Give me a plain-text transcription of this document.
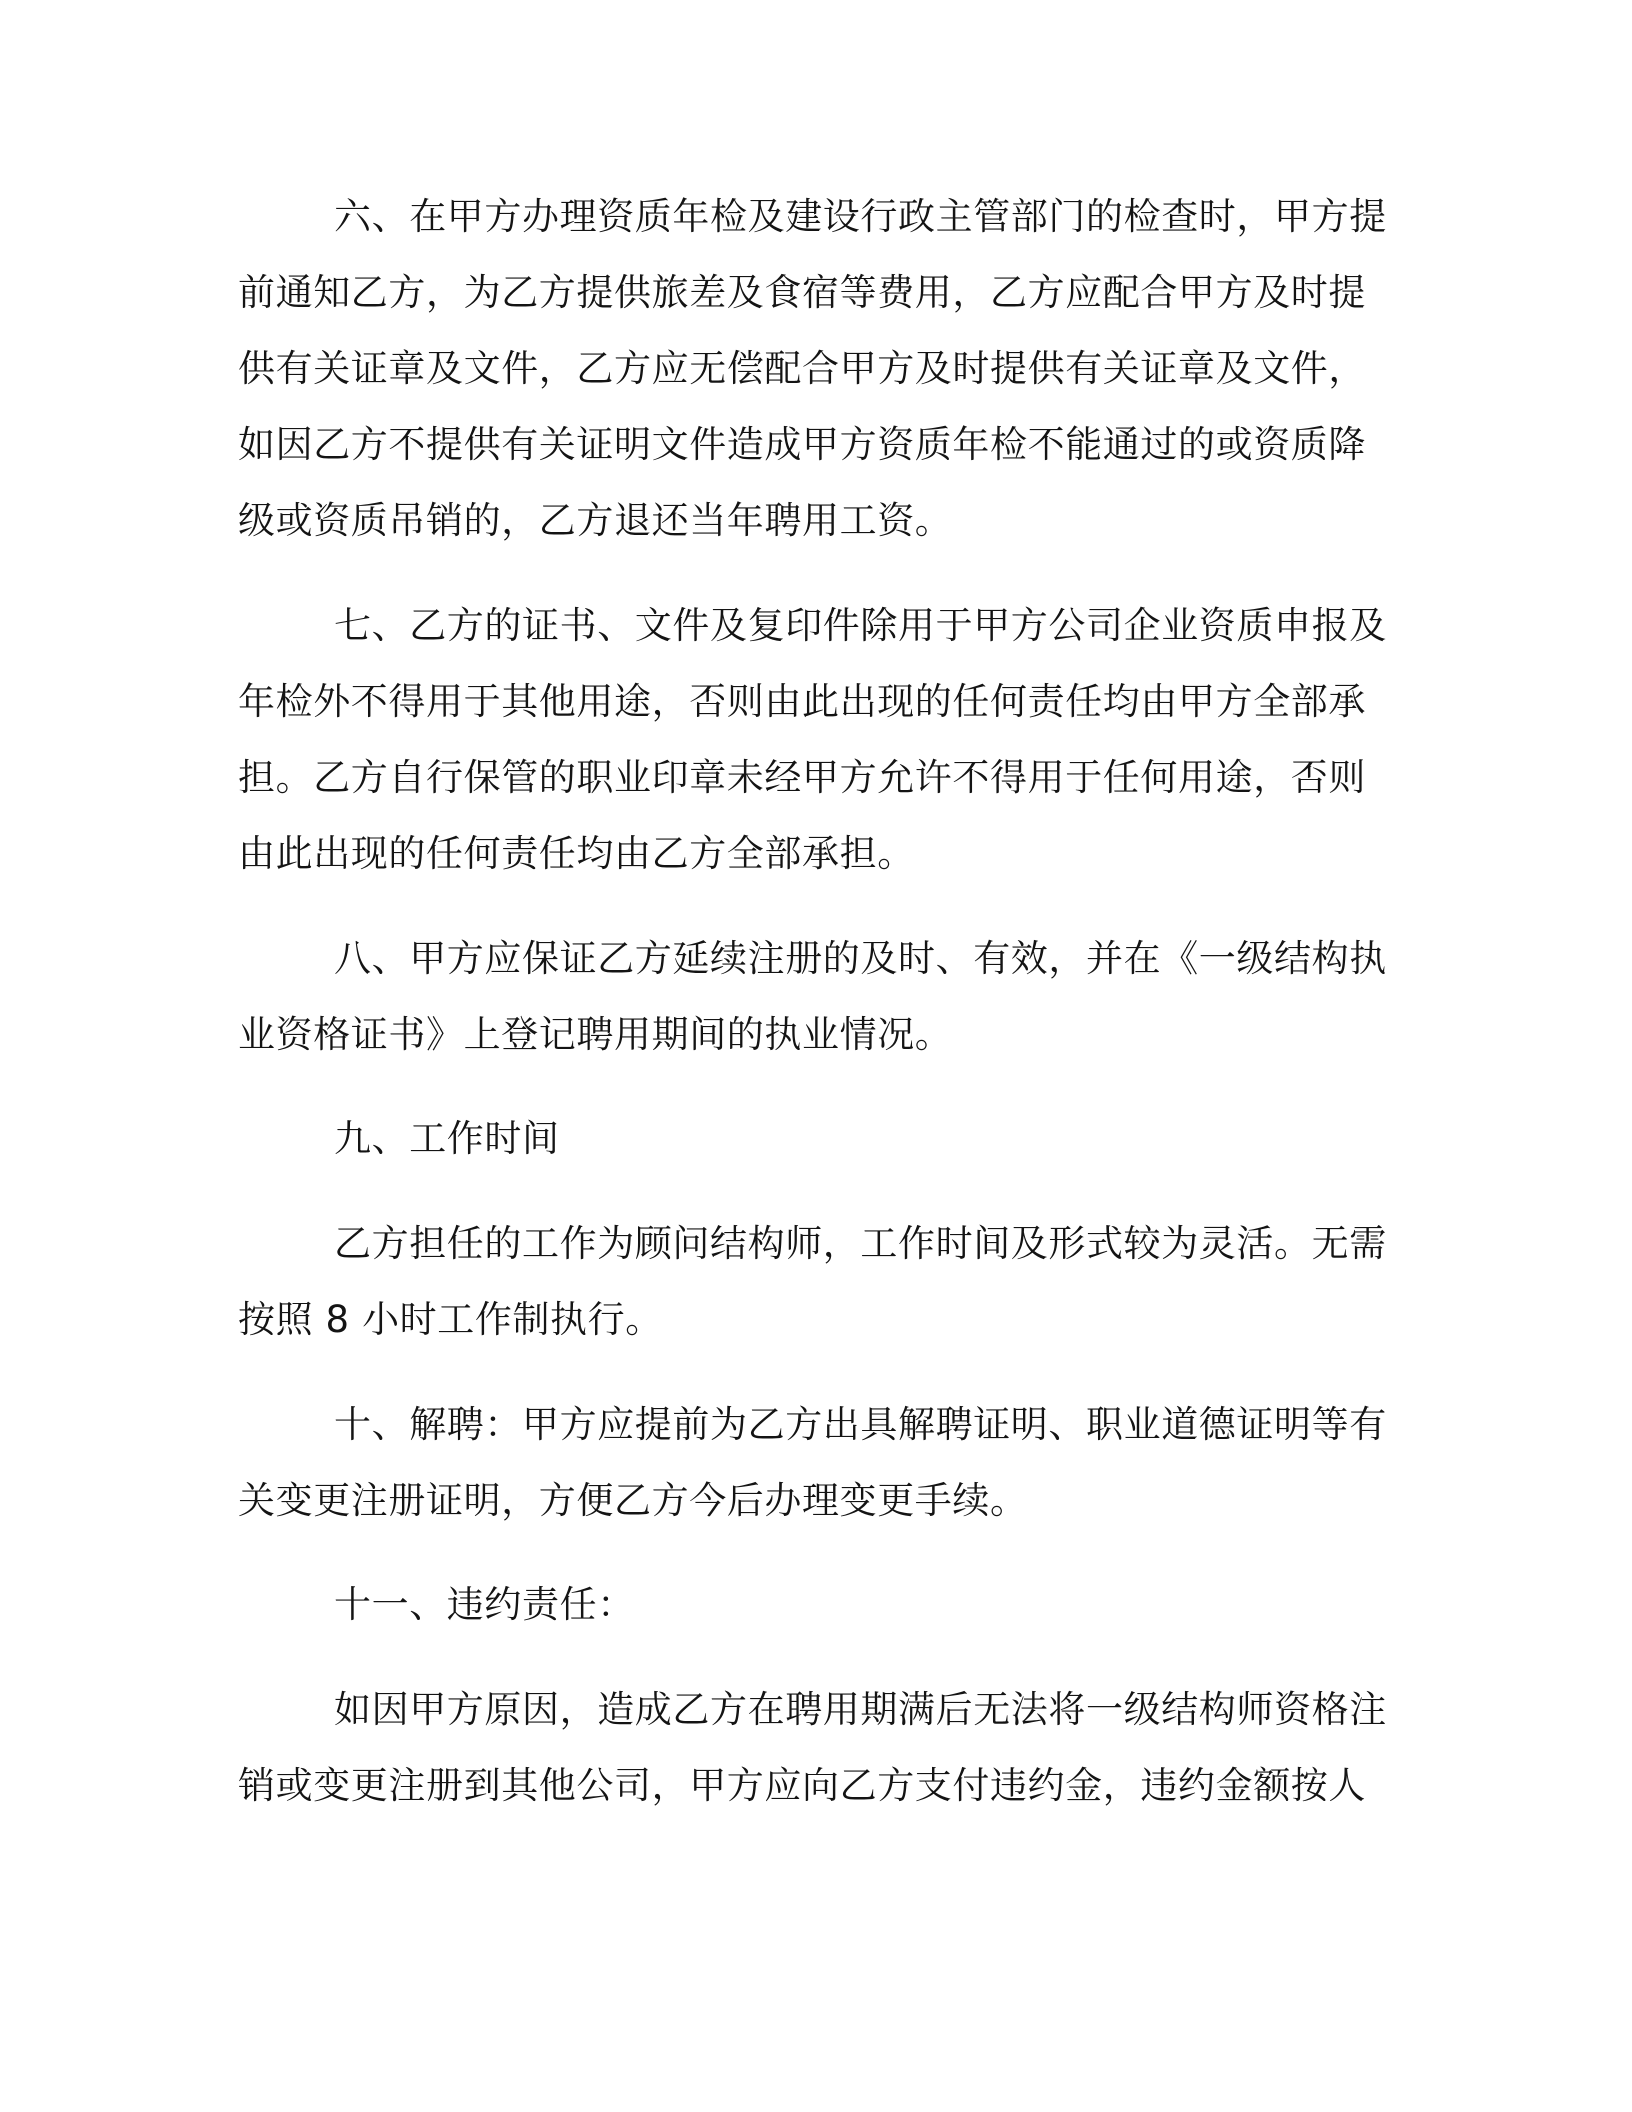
六、在甲方办理资质年检及建设行政主管部门的检查时，甲方提
前通知乙方，为乙方提供旅差及食宿等费用，乙方应配合甲方及时提
供有关证章及文件，乙方应无偿配合甲方及时提供有关证章及文件，
如因乙方不提供有关证明文件造成甲方资质年检不能通过的或资质降
级或资质吊销的，乙方退还当年聘用工资。
七、乙方的证书、文件及复印件除用于甲方公司企业资质申报及
年检外不得用于其他用途，否则由此出现的任何责任均由甲方全部承
担。乙方自行保管的职业印章未经甲方允许不得用于任何用途，否则
由此出现的任何责任均由乙方全部承担。
八、甲方应保证乙方延续注册的及时、有效，并在《一级结构执
业资格证书》上登记聘用期间的执业情况。
九、工作时间
乙方担任的工作为顾问结构师，工作时间及形式较为灵活。无需
按照 8 小时工作制执行。
十、解聘：甲方应提前为乙方出具解聘证明、职业道德证明等有
关变更注册证明，方便乙方今后办理变更手续。
十一、违约责任：
如因甲方原因，造成乙方在聘用期满后无法将一级结构师资格注
销或变更注册到其他公司，甲方应向乙方支付违约金，违约金额按人
